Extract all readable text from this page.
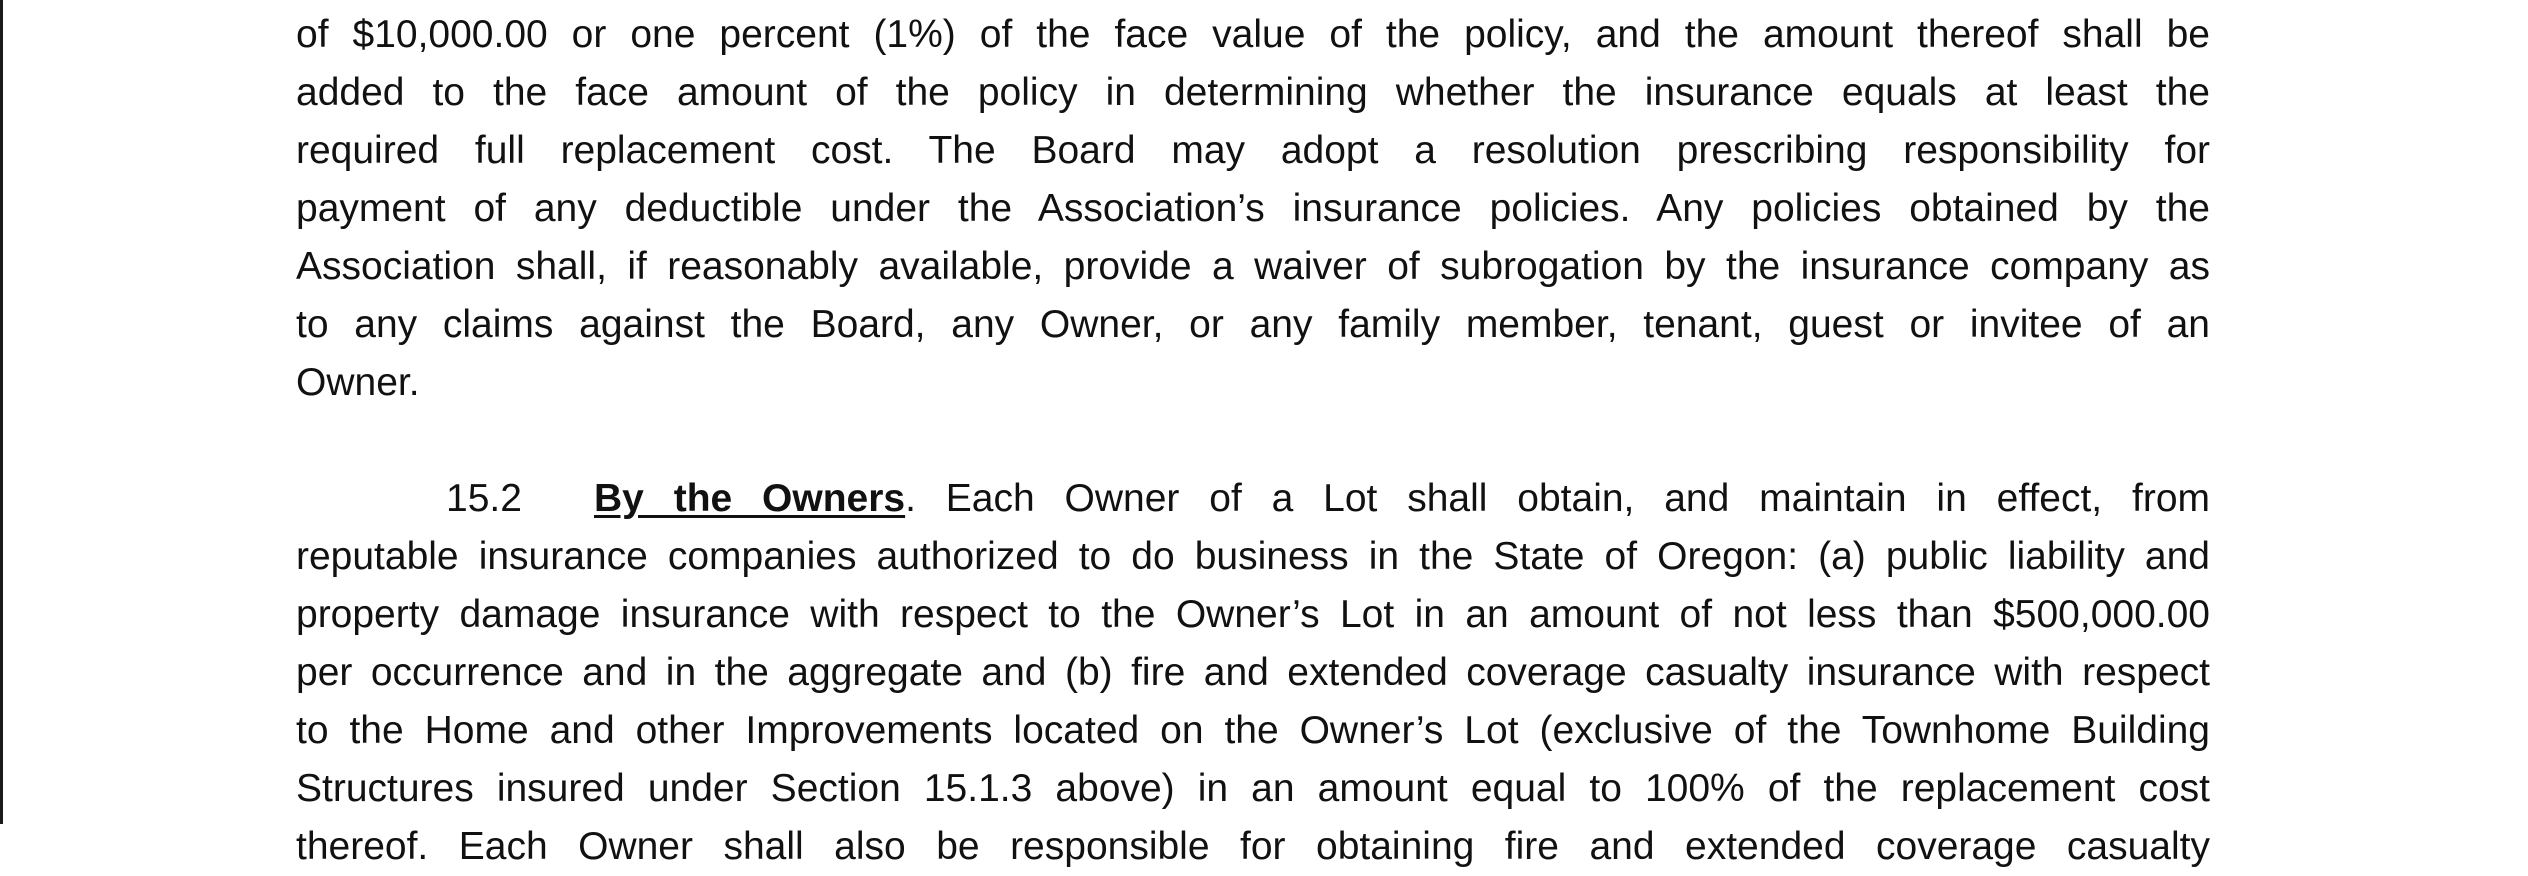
of $10,000.00 or one percent (1%) of the face value of the policy, and the amount thereof shall be
added to the face amount of the policy in determining whether the insurance equals at least the
required full replacement cost. The Board may adopt a resolution prescribing responsibility for
payment of any deductible under the Association’s insurance policies. Any policies obtained by the
Association shall, if reasonably available, provide a waiver of subrogation by the insurance company as
to any claims against the Board, any Owner, or any family member, tenant, guest or invitee of an
Owner.
15.2 By the Owners. Each Owner of a Lot shall obtain, and maintain in effect, from
reputable insurance companies authorized to do business in the State of Oregon: (a) public liability and
property damage insurance with respect to the Owner’s Lot in an amount of not less than $500,000.00
per occurrence and in the aggregate and (b) fire and extended coverage casualty insurance with respect
to the Home and other Improvements located on the Owner’s Lot (exclusive of the Townhome Building
Structures insured under Section 15.1.3 above) in an amount equal to 100% of the replacement cost
thereof. Each Owner shall also be responsible for obtaining fire and extended coverage casualty
